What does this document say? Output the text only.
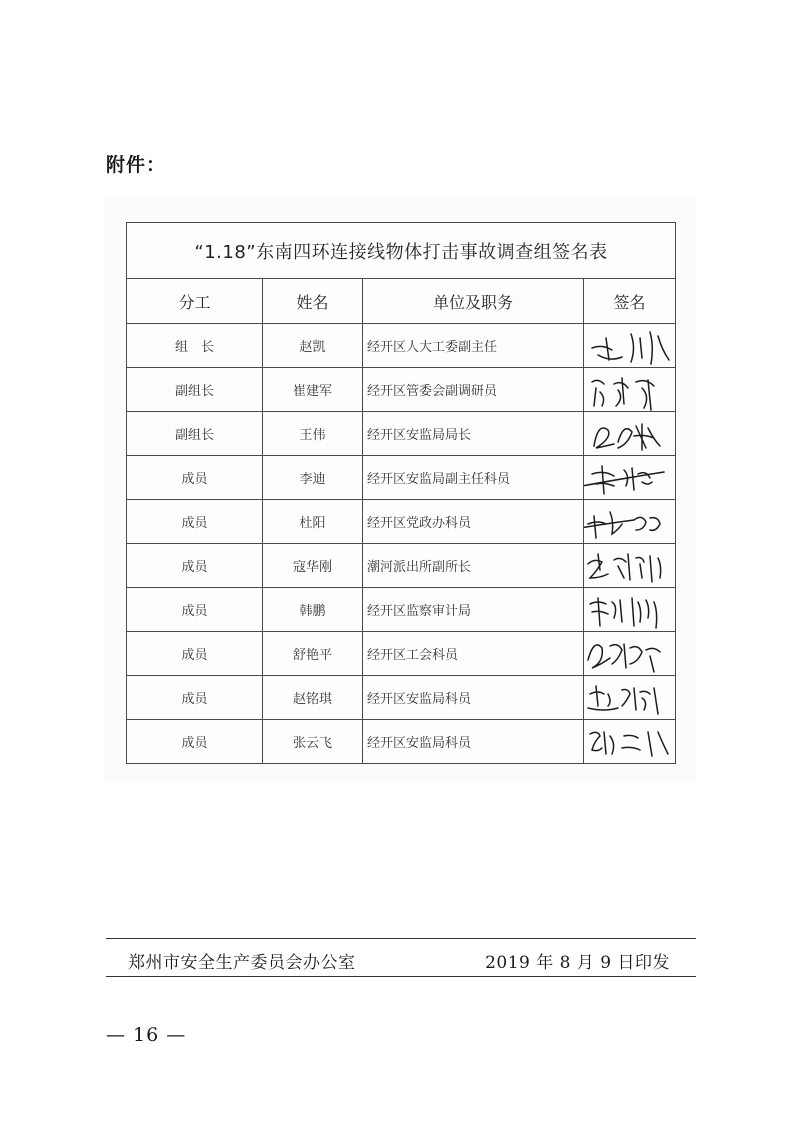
附件：
“1.18”东南四环连接线物体打击事故调查组签名表			
分工	姓名	单位及职务	签名
组　长	赵凯	经开区人大工委副主任	

副组长	崔建军	经开区管委会副调研员	

副组长	王伟	经开区安监局局长	

成员	李迪	经开区安监局副主任科员	

成员	杜阳	经开区党政办科员	

成员	寇华刚	潮河派出所副所长	

成员	韩鹏	经开区监察审计局	

成员	舒艳平	经开区工会科员	

成员	赵铭琪	经开区安监局科员	

成员	张云飞	经开区安监局科员	
郑州市安全生产委员会办公室	2019 年 8 月 9 日印发
— 16 —
